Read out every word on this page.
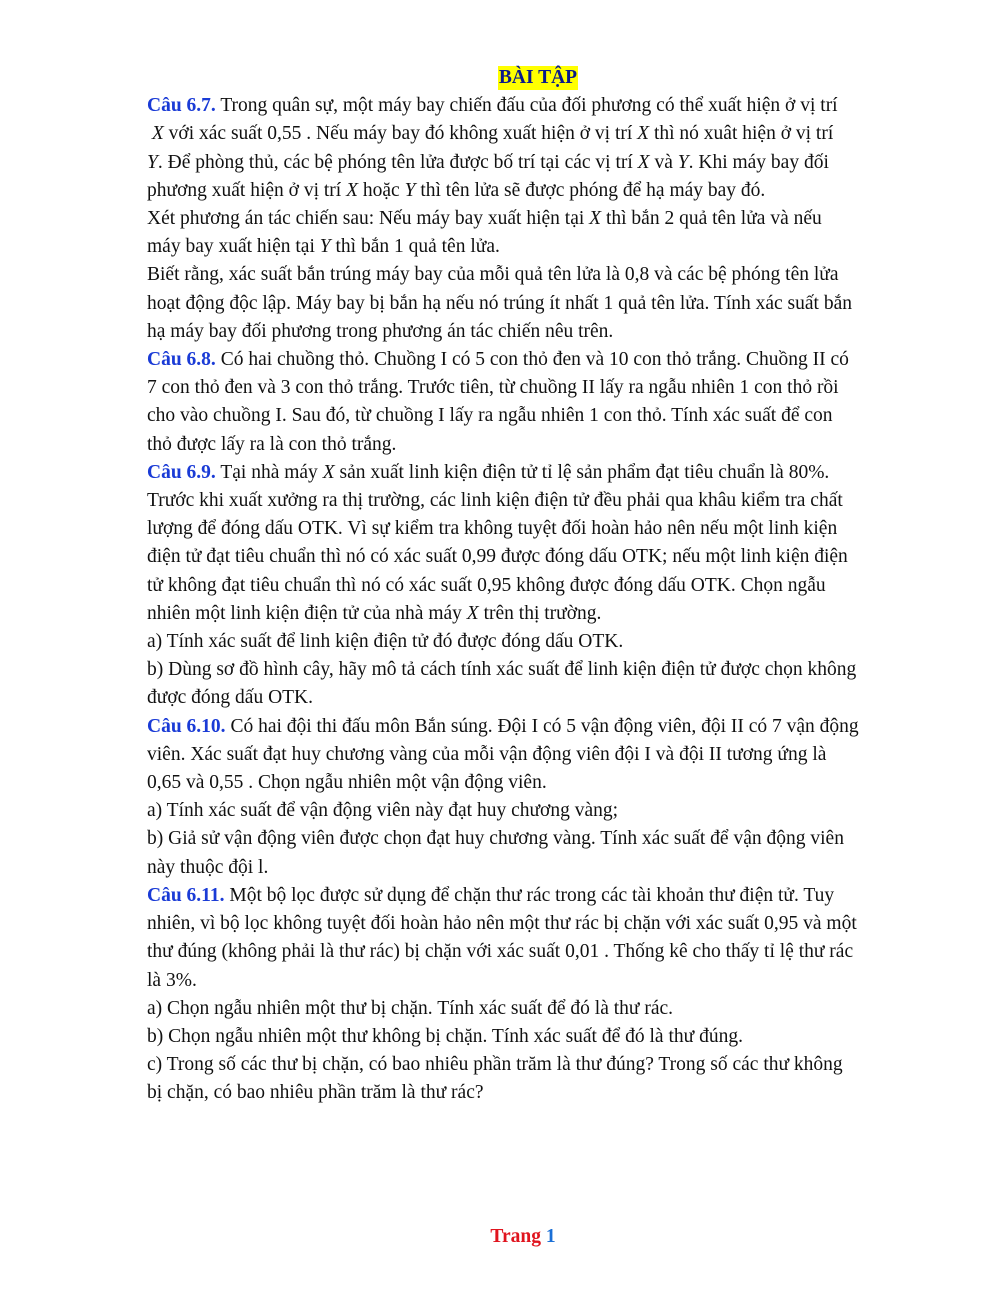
BÀI TẬP

Câu 6.7. Trong quân sự, một máy bay chiến đấu của đối phương có thể xuất hiện ở vị trí

X với xác suất 0,55 . Nếu máy bay đó không xuất hiện ở vị trí X thì nó xuât hiện ở vị trí

Y. Để phòng thủ, các bệ phóng tên lửa được bố trí tại các vị trí X và Y. Khi máy bay đối

phương xuất hiện ở vị trí X hoặc Y thì tên lửa sẽ được phóng để hạ máy bay đó.

Xét phương án tác chiến sau: Nếu máy bay xuất hiện tại X thì bắn 2 quả tên lửa và nếu

máy bay xuất hiện tại Y thì bắn 1 quả tên lửa.

Biết rằng, xác suất bắn trúng máy bay của mỗi quả tên lửa là 0,8 và các bệ phóng tên lửa

hoạt động độc lập. Máy bay bị bắn hạ nếu nó trúng ít nhất 1 quả tên lửa. Tính xác suất bắn

hạ máy bay đối phương trong phương án tác chiến nêu trên.

Câu 6.8. Có hai chuồng thỏ. Chuồng I có 5 con thỏ đen và 10 con thỏ trắng. Chuồng II có

7 con thỏ đen và 3 con thỏ trắng. Trước tiên, từ chuồng II lấy ra ngẫu nhiên 1 con thỏ rồi

cho vào chuồng I. Sau đó, từ chuồng I lấy ra ngẫu nhiên 1 con thỏ. Tính xác suất để con

thỏ được lấy ra là con thỏ trắng.

Câu 6.9. Tại nhà máy X sản xuất linh kiện điện tử tỉ lệ sản phẩm đạt tiêu chuẩn là 80%.

Trước khi xuất xưởng ra thị trường, các linh kiện điện tử đều phải qua khâu kiểm tra chất

lượng để đóng dấu OTK. Vì sự kiểm tra không tuyệt đối hoàn hảo nên nếu một linh kiện

điện tử đạt tiêu chuẩn thì nó có xác suất 0,99 được đóng dấu OTK; nếu một linh kiện điện

tử không đạt tiêu chuẩn thì nó có xác suất 0,95 không được đóng dấu OTK. Chọn ngẫu

nhiên một linh kiện điện tử của nhà máy X trên thị trường.

a) Tính xác suất để linh kiện điện tử đó được đóng dấu OTK.

b) Dùng sơ đồ hình cây, hãy mô tả cách tính xác suất để linh kiện điện tử được chọn không

được đóng dấu OTK.

Câu 6.10. Có hai đội thi đấu môn Bắn súng. Đội I có 5 vận động viên, đội II có 7 vận động

viên. Xác suất đạt huy chương vàng của mỗi vận động viên đội I và đội II tương ứng là

0,65 và 0,55 . Chọn ngẫu nhiên một vận động viên.

a) Tính xác suất để vận động viên này đạt huy chương vàng;

b) Giả sử vận động viên được chọn đạt huy chương vàng. Tính xác suất để vận động viên

này thuộc đội l.

Câu 6.11. Một bộ lọc được sử dụng để chặn thư rác trong các tài khoản thư điện tử. Tuy

nhiên, vì bộ lọc không tuyệt đối hoàn hảo nên một thư rác bị chặn với xác suất 0,95 và một

thư đúng (không phải là thư rác) bị chặn với xác suất 0,01 . Thống kê cho thấy tỉ lệ thư rác

là 3%.

a) Chọn ngẫu nhiên một thư bị chặn. Tính xác suất để đó là thư rác.

b) Chọn ngẫu nhiên một thư không bị chặn. Tính xác suất để đó là thư đúng.

c) Trong số các thư bị chặn, có bao nhiêu phần trăm là thư đúng? Trong số các thư không

bị chặn, có bao nhiêu phần trăm là thư rác?

Trang 1
